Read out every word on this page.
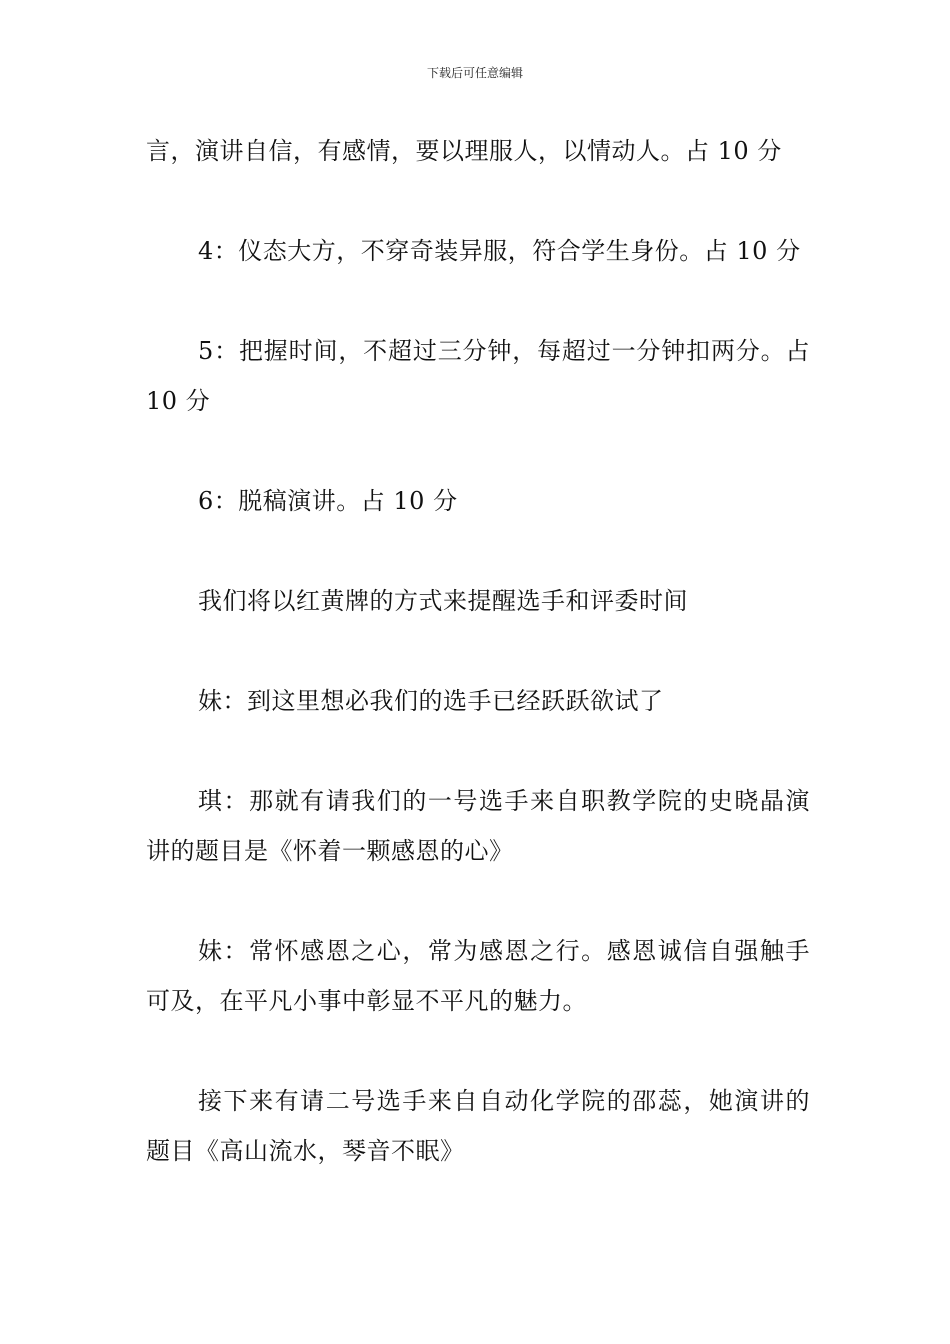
下载后可任意编辑

言，演讲自信，有感情，要以理服人，以情动人。占 10 分

4：仪态大方，不穿奇装异服，符合学生身份。占 10 分

5：把握时间，不超过三分钟，每超过一分钟扣两分。占 10 分

6：脱稿演讲。占 10 分

我们将以红黄牌的方式来提醒选手和评委时间

妹：到这里想必我们的选手已经跃跃欲试了

琪：那就有请我们的一号选手来自职教学院的史晓晶演讲的题目是《怀着一颗感恩的心》

妹：常怀感恩之心，常为感恩之行。感恩诚信自强触手可及，在平凡小事中彰显不平凡的魅力。

接下来有请二号选手来自自动化学院的邵蕊，她演讲的题目《高山流水，琴音不眠》
